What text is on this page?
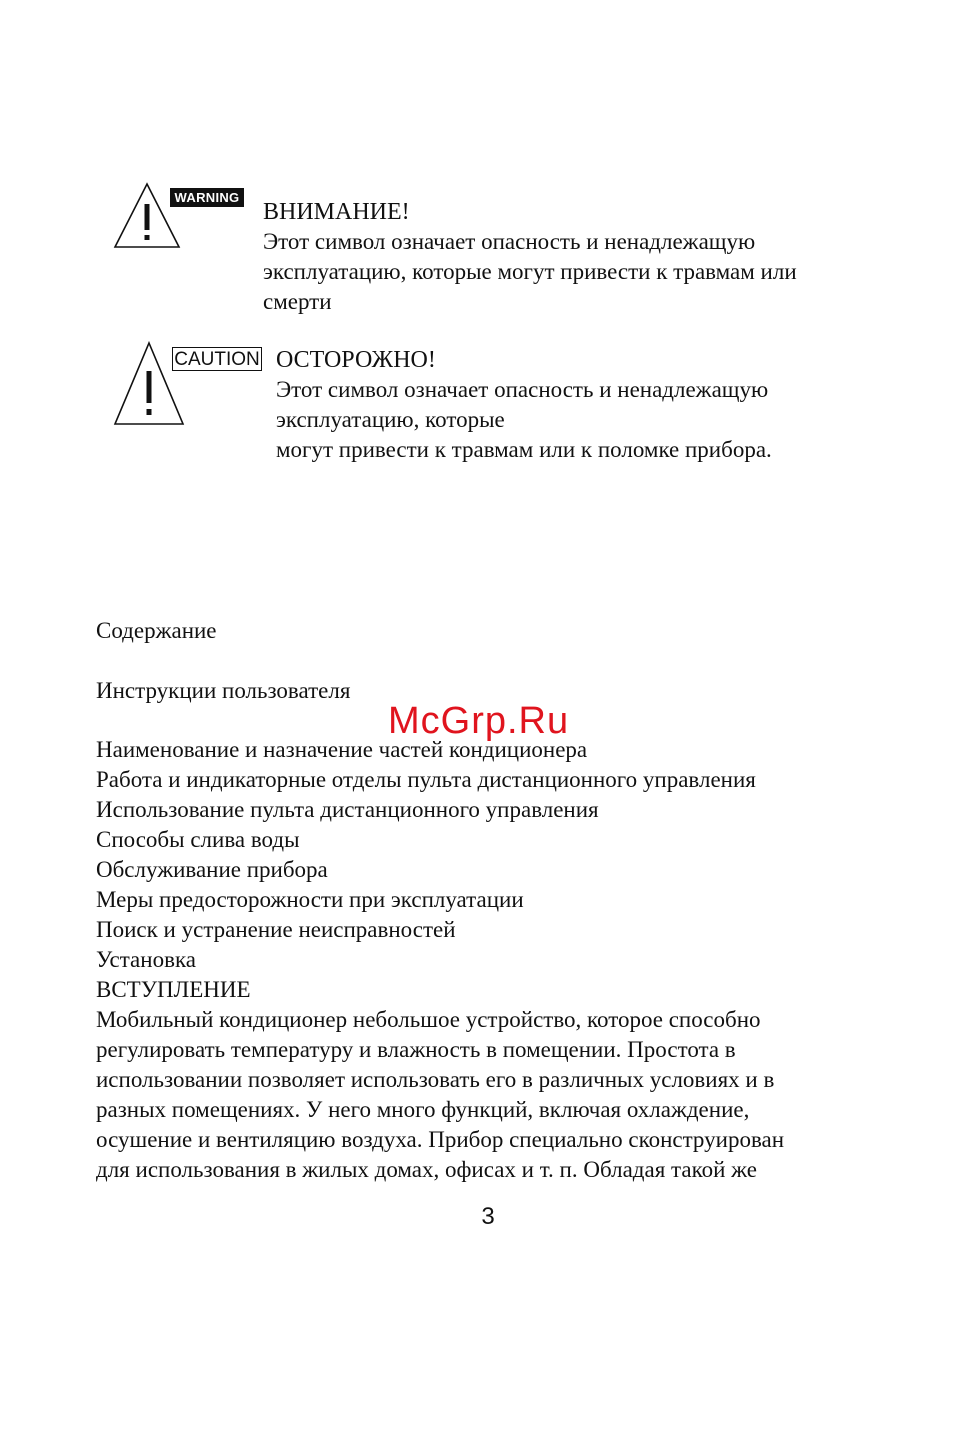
WARNING
ВНИМАНИЕ!
Этот символ означает опасность и ненадлежащую
эксплуатацию, которые могут привести к травмам или
смерти
CAUTION ОСТОРОЖНО!
Этот символ означает опасность и ненадлежащую
эксплуатацию, которые
могут привести к травмам или к поломке прибора.
Содержание
Инструкции пользователя
Наименование и назначение частей кондиционера
Работа и индикаторные отделы пульта дистанционного управления
Использование пульта дистанционного управления
Способы слива воды
Обслуживание прибора
Меры предосторожности при эксплуатации
Поиск и устранение неисправностей
Установка
ВСТУПЛЕНИЕ
Мобильный кондиционер небольшое устройство, которое способно
регулировать температуру и влажность в помещении. Простота в
использовании позволяет использовать его в различных условиях и в
разных помещениях. У него много функций, включая охлаждение,
осушение и вентиляцию воздуха. Прибор специально сконструирован
для использования в жилых домах, офисах и т. п. Обладая такой же
McGrp.Ru
3
